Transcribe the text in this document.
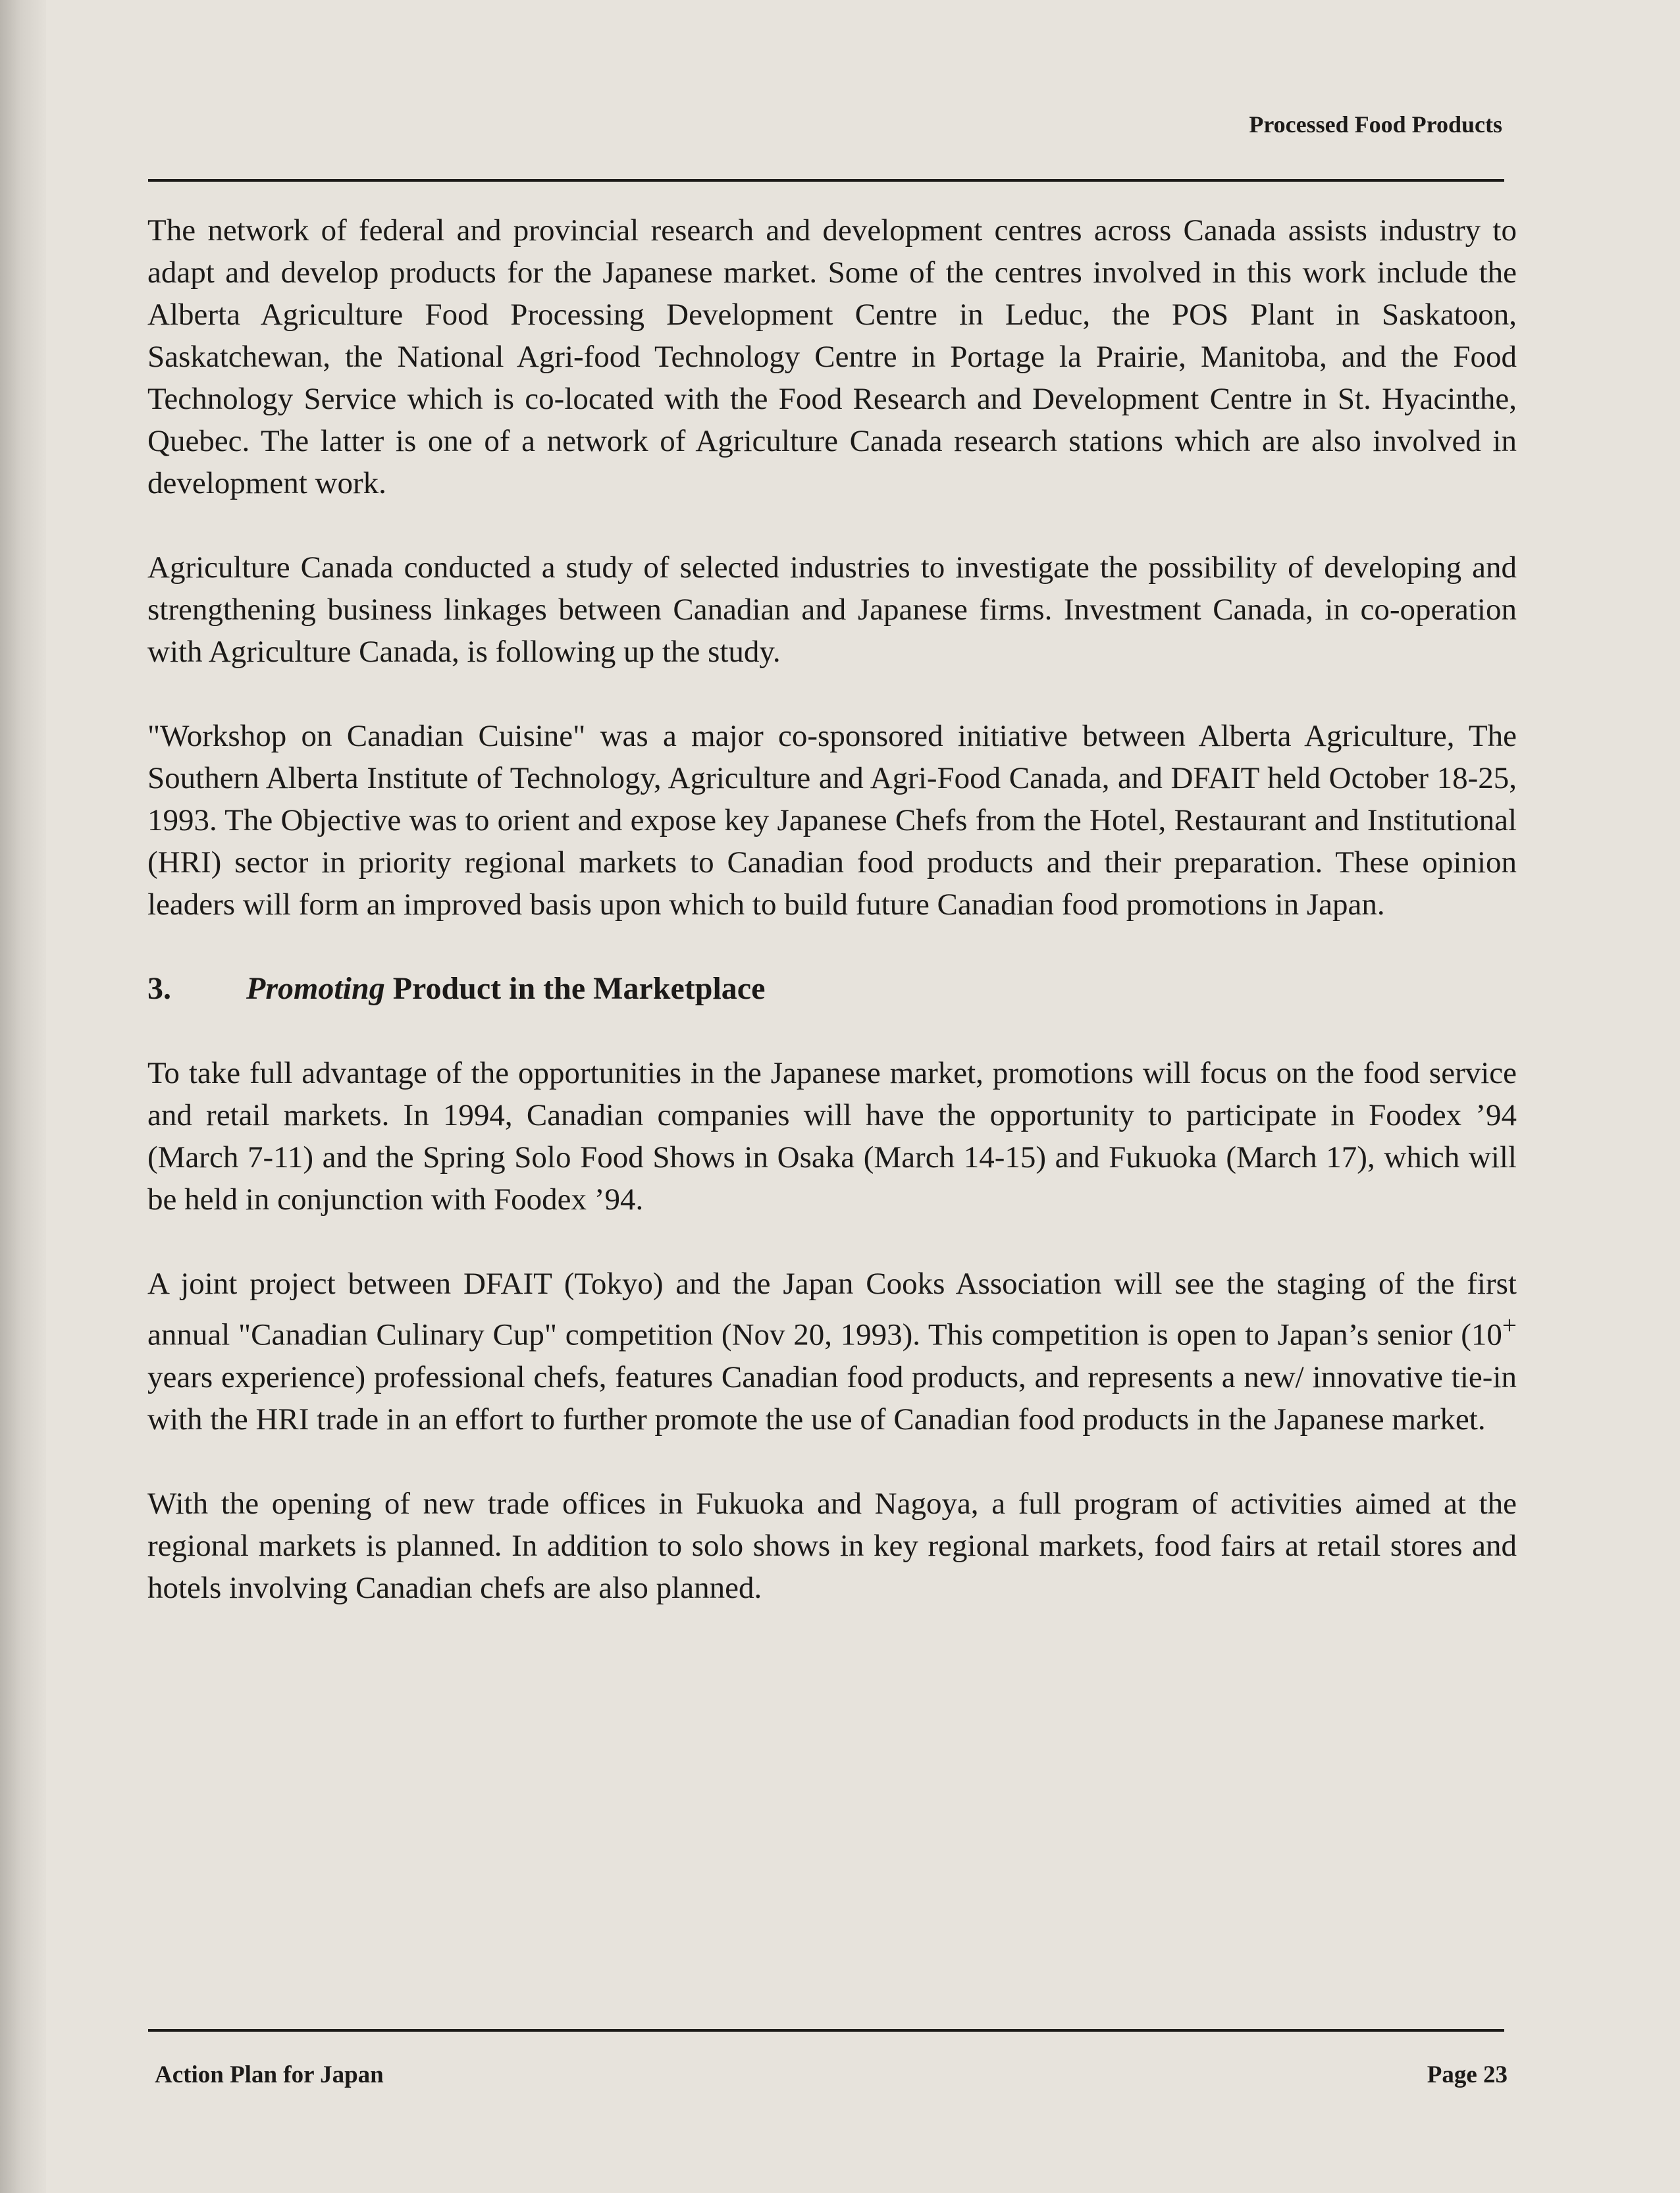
Processed Food Products

The network of federal and provincial research and development centres across Canada assists industry to adapt and develop products for the Japanese market. Some of the centres involved in this work include the Alberta Agriculture Food Processing Development Centre in Leduc, the POS Plant in Saskatoon, Saskatchewan, the National Agri-food Technology Centre in Portage la Prairie, Manitoba, and the Food Technology Service which is co-located with the Food Research and Development Centre in St. Hyacinthe, Quebec. The latter is one of a network of Agriculture Canada research stations which are also involved in development work.

Agriculture Canada conducted a study of selected industries to investigate the possibility of developing and strengthening business linkages between Canadian and Japanese firms. Investment Canada, in co-operation with Agriculture Canada, is following up the study.

"Workshop on Canadian Cuisine" was a major co-sponsored initiative between Alberta Agriculture, The Southern Alberta Institute of Technology, Agriculture and Agri-Food Canada, and DFAIT held October 18-25, 1993. The Objective was to orient and expose key Japanese Chefs from the Hotel, Restaurant and Institutional (HRI) sector in priority regional markets to Canadian food products and their preparation. These opinion leaders will form an improved basis upon which to build future Canadian food promotions in Japan.

3. Promoting Product in the Marketplace

To take full advantage of the opportunities in the Japanese market, promotions will focus on the food service and retail markets. In 1994, Canadian companies will have the opportunity to participate in Foodex ’94 (March 7-11) and the Spring Solo Food Shows in Osaka (March 14-15) and Fukuoka (March 17), which will be held in conjunction with Foodex ’94.

A joint project between DFAIT (Tokyo) and the Japan Cooks Association will see the staging of the first annual "Canadian Culinary Cup" competition (Nov 20, 1993). This competition is open to Japan’s senior (10+ years experience) professional chefs, features Canadian food products, and represents a new/ innovative tie-in with the HRI trade in an effort to further promote the use of Canadian food products in the Japanese market.

With the opening of new trade offices in Fukuoka and Nagoya, a full program of activities aimed at the regional markets is planned. In addition to solo shows in key regional markets, food fairs at retail stores and hotels involving Canadian chefs are also planned.

Action Plan for Japan	Page 23
